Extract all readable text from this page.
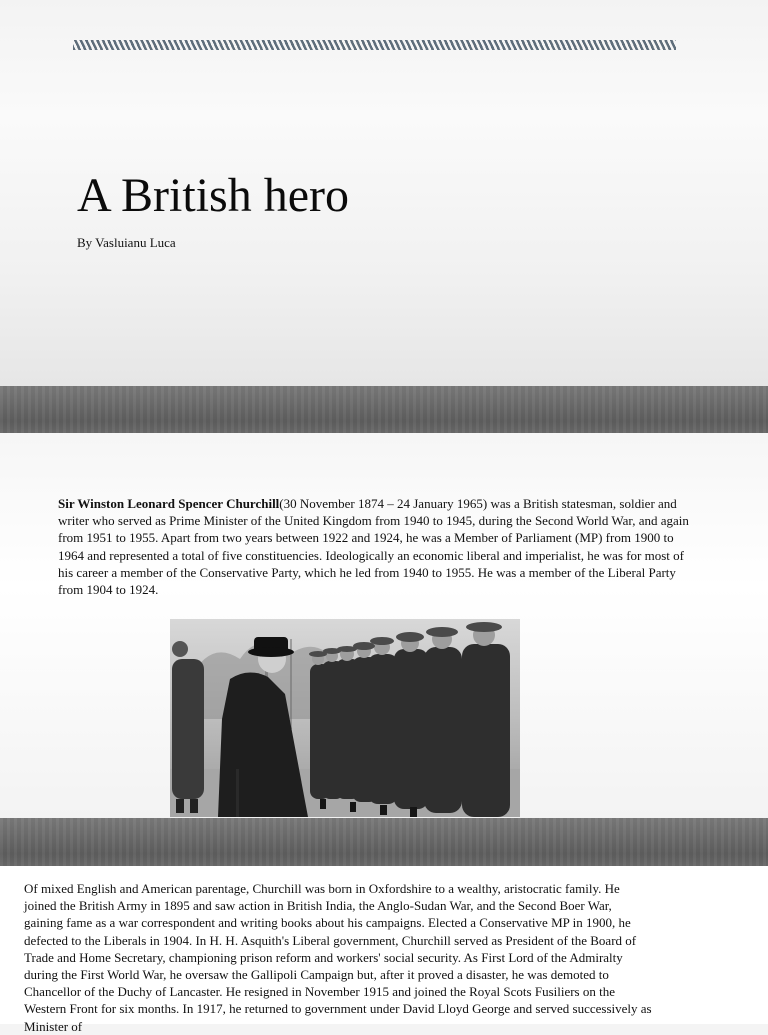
A British hero

By Vasluianu Luca

Sir Winston Leonard Spencer Churchill(30 November 1874 – 24 January 1965) was a British statesman, soldier and writer who served as Prime Minister of the United Kingdom from 1940 to 1945, during the Second World War, and again from 1951 to 1955. Apart from two years between 1922 and 1924, he was a Member of Parliament (MP) from 1900 to 1964 and represented a total of five constituencies. Ideologically an economic liberal and imperialist, he was for most of his career a member of the Conservative Party, which he led from 1940 to 1955. He was a member of the Liberal Party from 1904 to 1924.

Of mixed English and American parentage, Churchill was born in Oxfordshire to a wealthy, aristocratic family. He joined the British Army in 1895 and saw action in British India, the Anglo-Sudan War, and the Second Boer War, gaining fame as a war correspondent and writing books about his campaigns. Elected a Conservative MP in 1900, he defected to the Liberals in 1904. In H. H. Asquith's Liberal government, Churchill served as President of the Board of Trade and Home Secretary, championing prison reform and workers' social security. As First Lord of the Admiralty during the First World War, he oversaw the Gallipoli Campaign but, after it proved a disaster, he was demoted to Chancellor of the Duchy of Lancaster. He resigned in November 1915 and joined the Royal Scots Fusiliers on the Western Front for six months. In 1917, he returned to government under David Lloyd George and served successively as Minister of
